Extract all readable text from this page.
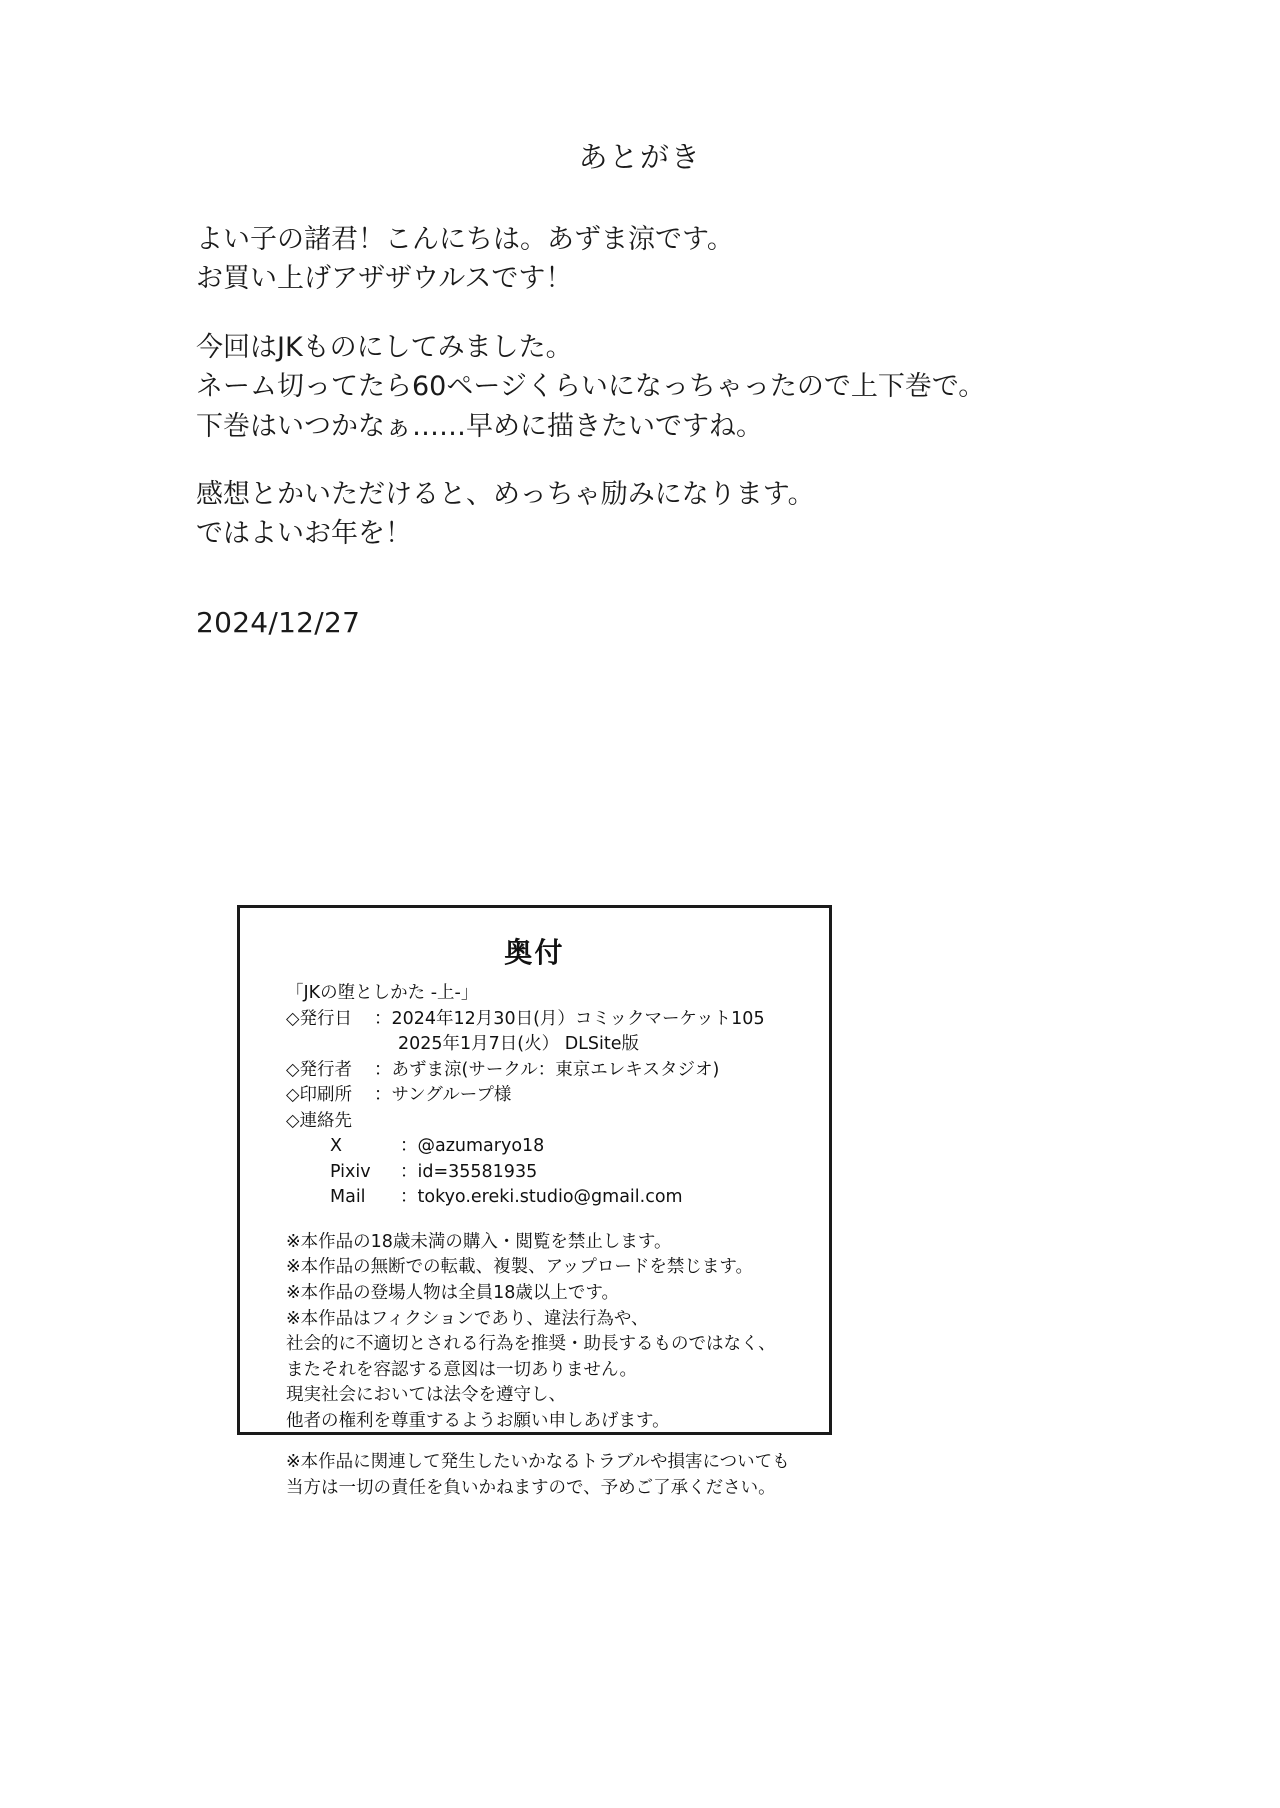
あとがき

よい子の諸君！こんにちは。あずま涼です。

お買い上げアザザウルスです！

今回はJKものにしてみました。

ネーム切ってたら60ページくらいになっちゃったので上下巻で。

下巻はいつかなぁ……早めに描きたいですね。

感想とかいただけると、めっちゃ励みになります。

ではよいお年を！

2024/12/27
奥付

「JKの堕としかた -上-」

◇発行日 ：2024年12月30日(月）コミックマーケット105
2025年1月7日(火） DLSite版
◇発行者 ：あずま涼(サークル：東京エレキスタジオ)
◇印刷所 ：サングループ様
◇連絡先
X	：@azumaryo18
Pixiv ：id=35581935
Mail ：tokyo.ereki.studio@gmail.com

※本作品の18歳未満の購入・閲覧を禁止します。

※本作品の無断での転載、複製、アップロードを禁じます。

※本作品の登場人物は全員18歳以上です。

※本作品はフィクションであり、違法行為や、

社会的に不適切とされる行為を推奨・助長するものではなく、

またそれを容認する意図は一切ありません。

現実社会においては法令を遵守し、

他者の権利を尊重するようお願い申しあげます。

※本作品に関連して発生したいかなるトラブルや損害についても

当方は一切の責任を負いかねますので、予めご了承ください。
